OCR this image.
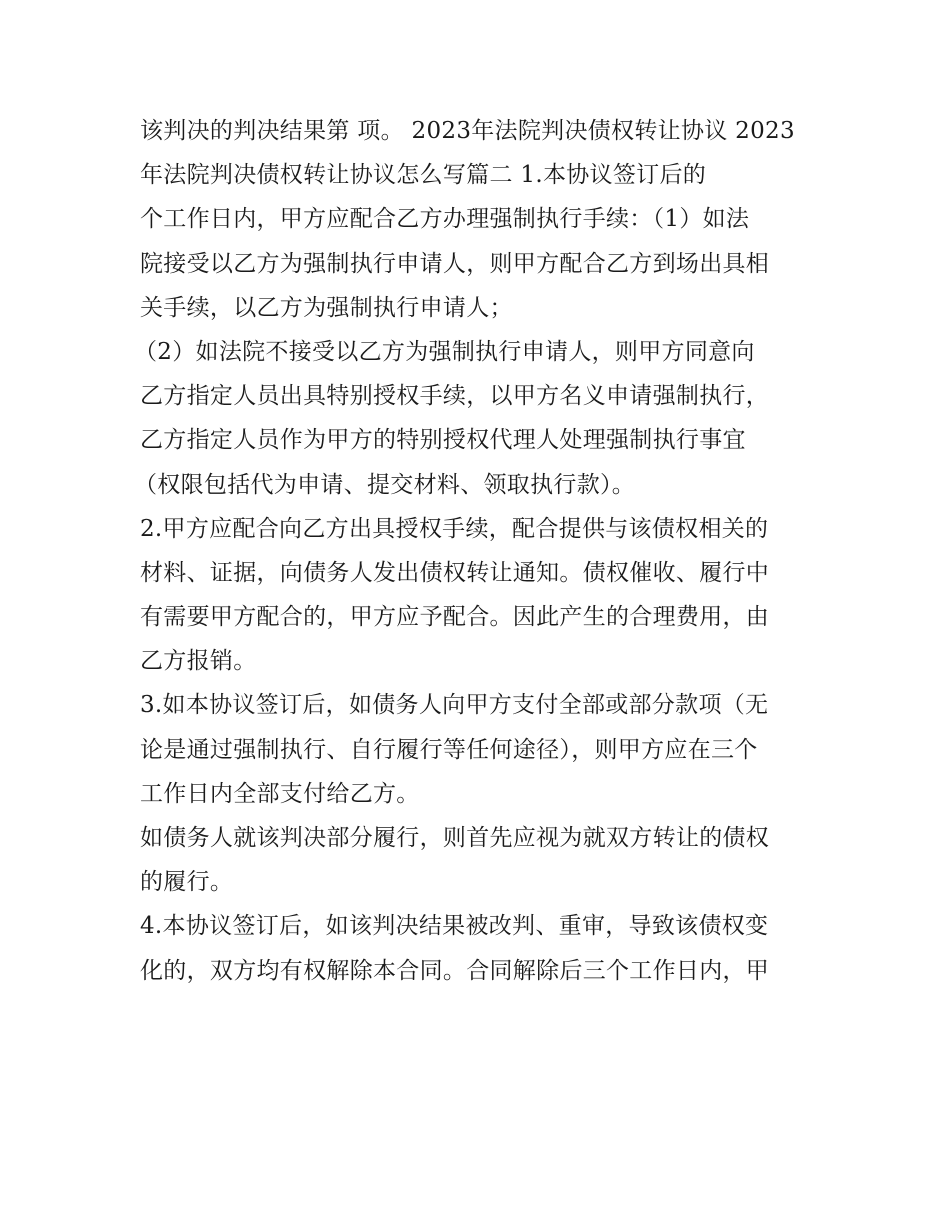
该判决的判决结果第 项。 2023年法院判决债权转让协议 2023
年法院判决债权转让协议怎么写篇二 1.本协议签订后的
个工作日内，甲方应配合乙方办理强制执行手续：（1）如法
院接受以乙方为强制执行申请人，则甲方配合乙方到场出具相
关手续，以乙方为强制执行申请人；
（2）如法院不接受以乙方为强制执行申请人，则甲方同意向
乙方指定人员出具特别授权手续，以甲方名义申请强制执行，
乙方指定人员作为甲方的特别授权代理人处理强制执行事宜
（权限包括代为申请、提交材料、领取执行款）。
2.甲方应配合向乙方出具授权手续，配合提供与该债权相关的
材料、证据，向债务人发出债权转让通知。债权催收、履行中
有需要甲方配合的，甲方应予配合。因此产生的合理费用，由
乙方报销。
3.如本协议签订后，如债务人向甲方支付全部或部分款项（无
论是通过强制执行、自行履行等任何途径），则甲方应在三个
工作日内全部支付给乙方。
如债务人就该判决部分履行，则首先应视为就双方转让的债权
的履行。
4.本协议签订后，如该判决结果被改判、重审，导致该债权变
化的，双方均有权解除本合同。合同解除后三个工作日内，甲
